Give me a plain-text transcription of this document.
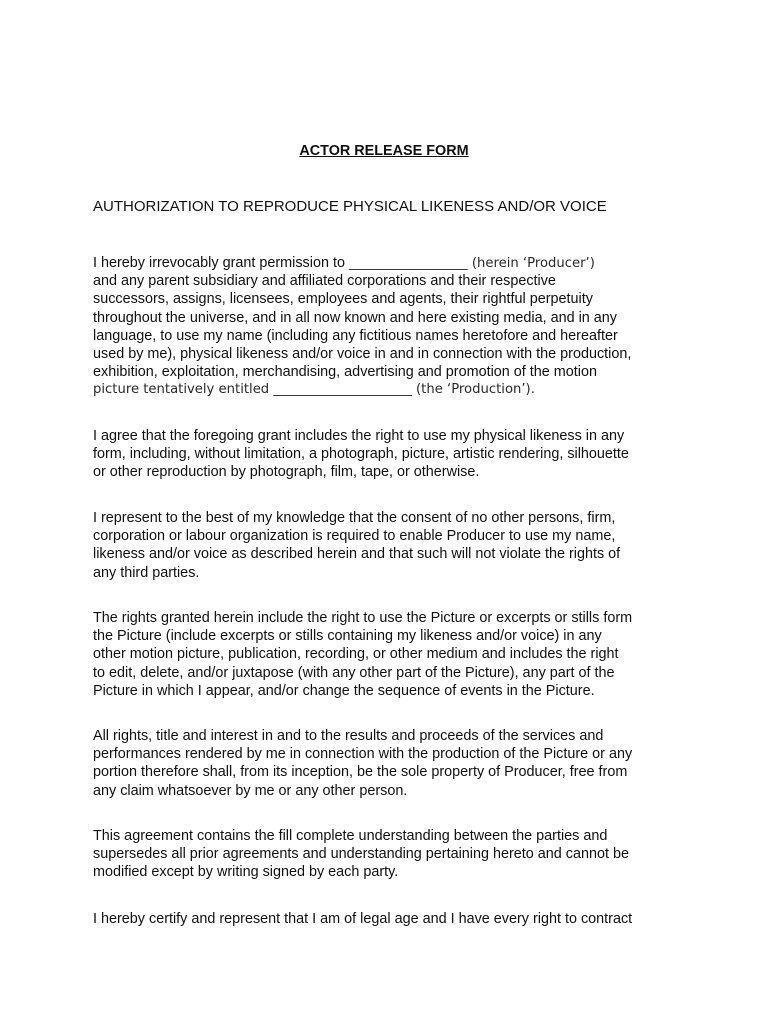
ACTOR RELEASE FORM
AUTHORIZATION TO REPRODUCE PHYSICAL LIKENESS AND/OR VOICE
I hereby irrevocably grant permission to __________________ (herein ‘Producer’)
and any parent subsidiary and affiliated corporations and their respective
successors, assigns, licensees, employees and agents, their rightful perpetuity
throughout the universe, and in all now known and here existing media, and in any
language, to use my name (including any fictitious names heretofore and hereafter
used by me), physical likeness and/or voice in and in connection with the production,
exhibition, exploitation, merchandising, advertising and promotion of the motion
picture tentatively entitled _____________________ (the ‘Production’).
I agree that the foregoing grant includes the right to use my physical likeness in any
form, including, without limitation, a photograph, picture, artistic rendering, silhouette
or other reproduction by photograph, film, tape, or otherwise.
I represent to the best of my knowledge that the consent of no other persons, firm,
corporation or labour organization is required to enable Producer to use my name,
likeness and/or voice as described herein and that such will not violate the rights of
any third parties.
The rights granted herein include the right to use the Picture or excerpts or stills form
the Picture (include excerpts or stills containing my likeness and/or voice) in any
other motion picture, publication, recording, or other medium and includes the right
to edit, delete, and/or juxtapose (with any other part of the Picture), any part of the
Picture in which I appear, and/or change the sequence of events in the Picture.
All rights, title and interest in and to the results and proceeds of the services and
performances rendered by me in connection with the production of the Picture or any
portion therefore shall, from its inception, be the sole property of Producer, free from
any claim whatsoever by me or any other person.
This agreement contains the fill complete understanding between the parties and
supersedes all prior agreements and understanding pertaining hereto and cannot be
modified except by writing signed by each party.
I hereby certify and represent that I am of legal age and I have every right to contract
